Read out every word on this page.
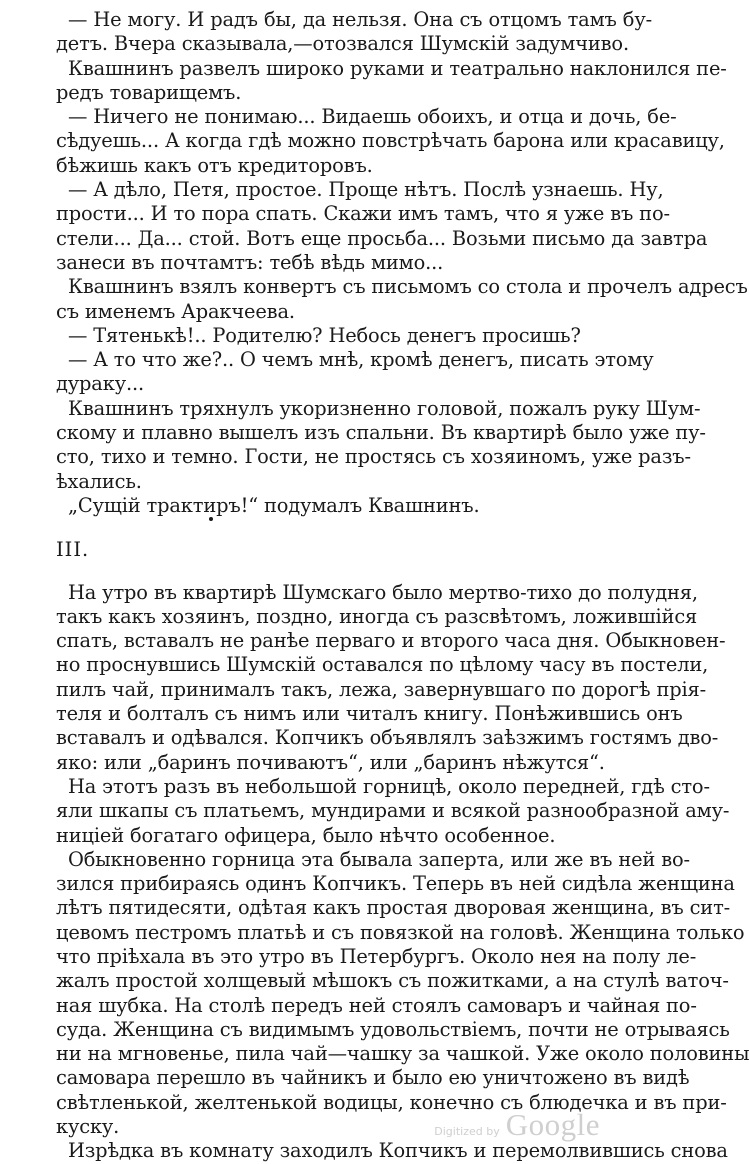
— Не могу. И радъ бы, да нельзя. Она съ отцомъ тамъ бу-
детъ. Вчера сказывала,—отозвался Шумскій задумчиво.

Квашнинъ развелъ широко руками и театрально наклонился пе-
редъ товарищемъ.

— Ничего не понимаю... Видаешь обоихъ, и отца и дочь, бе-
сѣдуешь... А когда гдѣ можно повстрѣчать барона или красавицу,
бѣжишь какъ отъ кредиторовъ.

— А дѣло, Петя, простое. Проще нѣтъ. Послѣ узнаешь. Ну,
прости... И то пора спать. Скажи имъ тамъ, что я уже въ по-
стели... Да... стой. Вотъ еще просьба... Возьми письмо да завтра
занеси въ почтамтъ: тебѣ вѣдь мимо...

Квашнинъ взялъ конвертъ съ письмомъ со стола и прочелъ адресъ
съ именемъ Аракчеева.

— Тятенькѣ!.. Родителю? Небось денегъ просишь?

— А то что же?.. О чемъ мнѣ, кромѣ денегъ, писать этому
дураку...

Квашнинъ тряхнулъ укоризненно головой, пожалъ руку Шум-
скому и плавно вышелъ изъ спальни. Въ квартирѣ было уже пу-
сто, тихо и темно. Гости, не простясь съ хозяиномъ, уже разъ-
ѣхались.

„Сущій трактиръ!“ подумалъ Квашнинъ.

III.

На утро въ квартирѣ Шумскаго было мертво-тихо до полудня,
такъ какъ хозяинъ, поздно, иногда съ разсвѣтомъ, ложившійся
спать, вставалъ не ранѣе перваго и второго часа дня. Обыкновен-
но проснувшись Шумскій оставался по цѣлому часу въ постели,
пилъ чай, принималъ такъ, лежа, завернувшаго по дорогѣ прія-
теля и болталъ съ нимъ или читалъ книгу. Понѣжившись онъ
вставалъ и одѣвался. Копчикъ объявлялъ заѣзжимъ гостямъ дво-
яко: или „баринъ почиваютъ“, или „баринъ нѣжутся“.

На этотъ разъ въ небольшой горницѣ, около передней, гдѣ сто-
яли шкапы съ платьемъ, мундирами и всякой разнообразной аму-
ницiей богатаго офицера, было нѣчто особенное.

Обыкновенно горница эта бывала заперта, или же въ ней во-
зился прибираясь одинъ Копчикъ. Теперь въ ней сидѣла женщина
лѣтъ пятидесяти, одѣтая какъ простая дворовая женщина, въ сит-
цевомъ пестромъ платьѣ и съ повязкой на головѣ. Женщина только
что пріѣхала въ это утро въ Петербургъ. Около нея на полу ле-
жалъ простой холщевый мѣшокъ съ пожитками, а на стулѣ ваточ-
ная шубка. На столѣ передъ ней стоялъ самоваръ и чайная по-
суда. Женщина съ видимымъ удовольствіемъ, почти не отрываясь
ни на мгновенье, пила чай—чашку за чашкой. Уже около половины
самовара перешло въ чайникъ и было ею уничтожено въ видѣ
свѣтленькой, желтенькой водицы, конечно съ блюдечка и въ при-
куску.

Изрѣдка въ комнату заходилъ Копчикъ и перемолвившись снова

Digitized by Google
